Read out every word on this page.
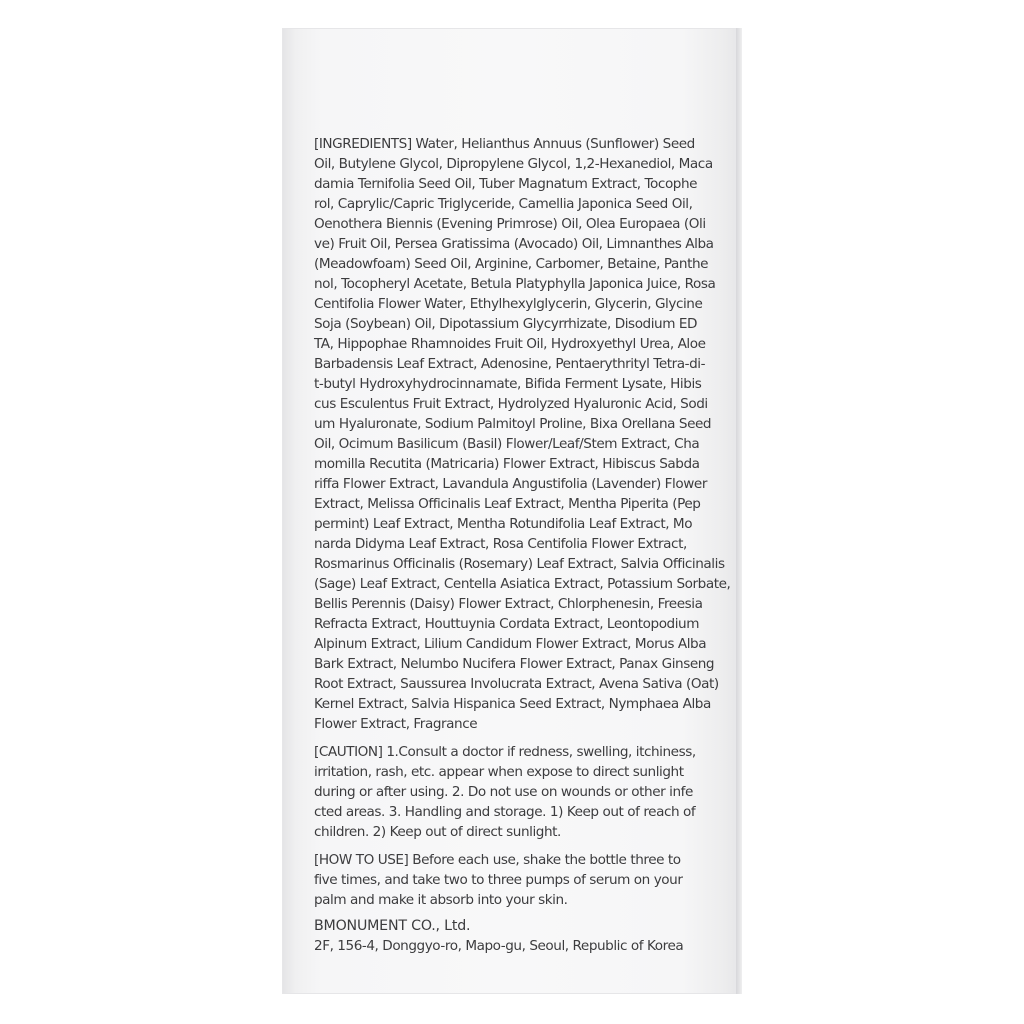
[INGREDIENTS] Water, Helianthus Annuus (Sunflower) Seed
Oil, Butylene Glycol, Dipropylene Glycol, 1,2-Hexanediol, Maca
damia Ternifolia Seed Oil, Tuber Magnatum Extract, Tocophe
rol, Caprylic/Capric Triglyceride, Camellia Japonica Seed Oil,
Oenothera Biennis (Evening Primrose) Oil, Olea Europaea (Oli
ve) Fruit Oil, Persea Gratissima (Avocado) Oil, Limnanthes Alba
(Meadowfoam) Seed Oil, Arginine, Carbomer, Betaine, Panthe
nol, Tocopheryl Acetate, Betula Platyphylla Japonica Juice, Rosa
Centifolia Flower Water, Ethylhexylglycerin, Glycerin, Glycine
Soja (Soybean) Oil, Dipotassium Glycyrrhizate, Disodium ED
TA, Hippophae Rhamnoides Fruit Oil, Hydroxyethyl Urea, Aloe
Barbadensis Leaf Extract, Adenosine, Pentaerythrityl Tetra-di-
t-butyl Hydroxyhydrocinnamate, Bifida Ferment Lysate, Hibis
cus Esculentus Fruit Extract, Hydrolyzed Hyaluronic Acid, Sodi
um Hyaluronate, Sodium Palmitoyl Proline, Bixa Orellana Seed
Oil, Ocimum Basilicum (Basil) Flower/Leaf/Stem Extract, Cha
momilla Recutita (Matricaria) Flower Extract, Hibiscus Sabda
riffa Flower Extract, Lavandula Angustifolia (Lavender) Flower
Extract, Melissa Officinalis Leaf Extract, Mentha Piperita (Pep
permint) Leaf Extract, Mentha Rotundifolia Leaf Extract, Mo
narda Didyma Leaf Extract, Rosa Centifolia Flower Extract,
Rosmarinus Officinalis (Rosemary) Leaf Extract, Salvia Officinalis
(Sage) Leaf Extract, Centella Asiatica Extract, Potassium Sorbate,
Bellis Perennis (Daisy) Flower Extract, Chlorphenesin, Freesia
Refracta Extract, Houttuynia Cordata Extract, Leontopodium
Alpinum Extract, Lilium Candidum Flower Extract, Morus Alba
Bark Extract, Nelumbo Nucifera Flower Extract, Panax Ginseng
Root Extract, Saussurea Involucrata Extract, Avena Sativa (Oat)
Kernel Extract, Salvia Hispanica Seed Extract, Nymphaea Alba
Flower Extract, Fragrance
[CAUTION] 1.Consult a doctor if redness, swelling, itchiness,
irritation, rash, etc. appear when expose to direct sunlight
during or after using. 2. Do not use on wounds or other infe
cted areas. 3. Handling and storage. 1) Keep out of reach of
children. 2) Keep out of direct sunlight.
[HOW TO USE] Before each use, shake the bottle three to
five times, and take two to three pumps of serum on your
palm and make it absorb into your skin.
BMONUMENT CO., Ltd.
2F, 156-4, Donggyo-ro, Mapo-gu, Seoul, Republic of Korea
